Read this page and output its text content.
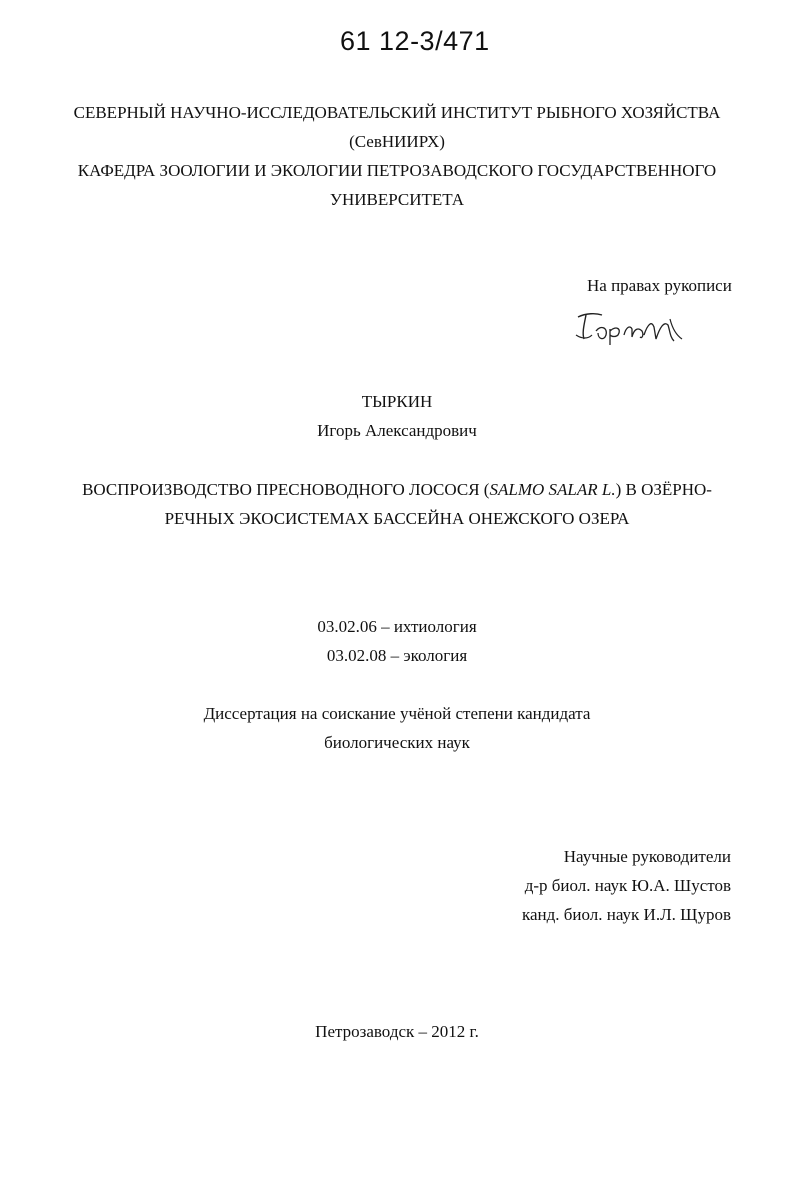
61 12-3/471
СЕВЕРНЫЙ НАУЧНО-ИССЛЕДОВАТЕЛЬСКИЙ ИНСТИТУТ РЫБНОГО ХОЗЯЙСТВА
(СевНИИРХ)
КАФЕДРА ЗООЛОГИИ И ЭКОЛОГИИ ПЕТРОЗАВОДСКОГО ГОСУДАРСТВЕННОГО
УНИВЕРСИТЕТА
На правах рукописи
ТЫРКИН
Игорь Александрович
ВОСПРОИЗВОДСТВО ПРЕСНОВОДНОГО ЛОСОСЯ (SALMO SALAR L.) В ОЗЁРНО-
РЕЧНЫХ ЭКОСИСТЕМАХ БАССЕЙНА ОНЕЖСКОГО ОЗЕРА
03.02.06 – ихтиология
03.02.08 – экология
Диссертация на соискание учёной степени кандидата
биологических наук
Научные руководители
д-р биол. наук Ю.А. Шустов
канд. биол. наук И.Л. Щуров
Петрозаводск – 2012 г.
